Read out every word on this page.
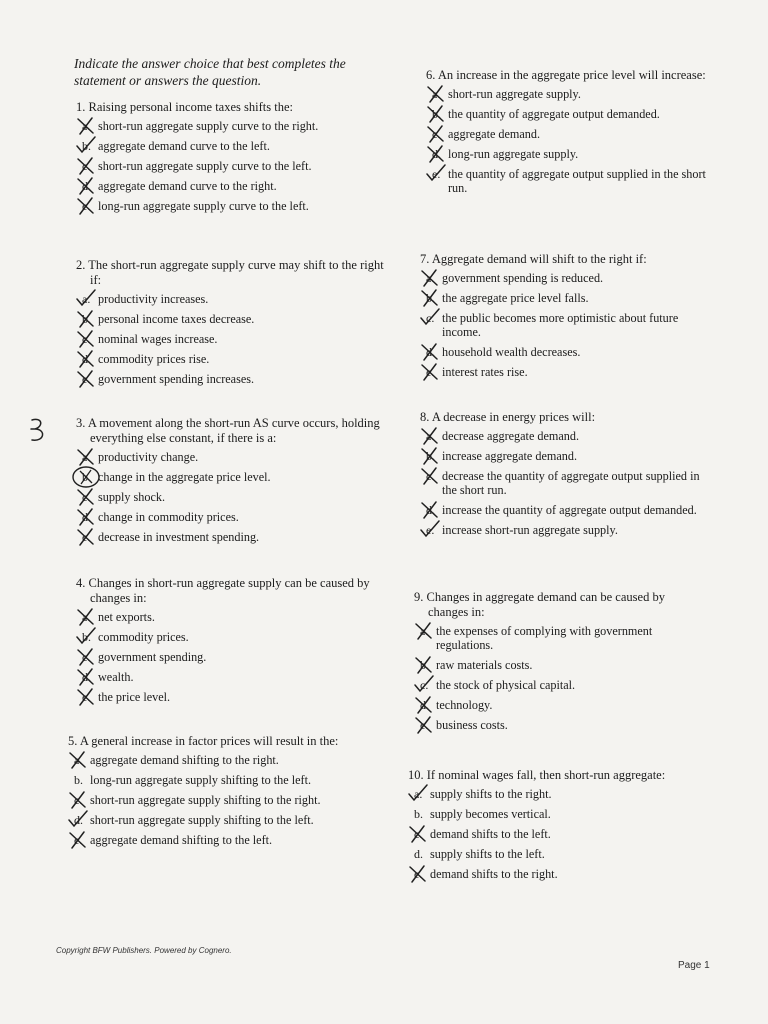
Indicate the answer choice that best completes the statement or answers the question.
1. Raising personal income taxes shifts the:
a. short-run aggregate supply curve to the right.
b. aggregate demand curve to the left.
c. short-run aggregate supply curve to the left.
d. aggregate demand curve to the right.
e. long-run aggregate supply curve to the left.
2. The short-run aggregate supply curve may shift to the right if:
a. productivity increases.
b. personal income taxes decrease.
c. nominal wages increase.
d. commodity prices rise.
e. government spending increases.
3. A movement along the short-run AS curve occurs, holding everything else constant, if there is a:
a. productivity change.
b. change in the aggregate price level.
c. supply shock.
d. change in commodity prices.
e. decrease in investment spending.
4. Changes in short-run aggregate supply can be caused by changes in:
a. net exports.
b. commodity prices.
c. government spending.
d. wealth.
e. the price level.
5. A general increase in factor prices will result in the:
a. aggregate demand shifting to the right.
b. long-run aggregate supply shifting to the left.
c. short-run aggregate supply shifting to the right.
d. short-run aggregate supply shifting to the left.
e. aggregate demand shifting to the left.
6. An increase in the aggregate price level will increase:
a. short-run aggregate supply.
b. the quantity of aggregate output demanded.
c. aggregate demand.
d. long-run aggregate supply.
e. the quantity of aggregate output supplied in the short run.
7. Aggregate demand will shift to the right if:
a. government spending is reduced.
b. the aggregate price level falls.
c. the public becomes more optimistic about future income.
d. household wealth decreases.
e. interest rates rise.
8. A decrease in energy prices will:
a. decrease aggregate demand.
b. increase aggregate demand.
c. decrease the quantity of aggregate output supplied in the short run.
d. increase the quantity of aggregate output demanded.
e. increase short-run aggregate supply.
9. Changes in aggregate demand can be caused by changes in:
a. the expenses of complying with government regulations.
b. raw materials costs.
c. the stock of physical capital.
d. technology.
e. business costs.
10. If nominal wages fall, then short-run aggregate:
a. supply shifts to the right.
b. supply becomes vertical.
c. demand shifts to the left.
d. supply shifts to the left.
e. demand shifts to the right.
Copyright BFW Publishers. Powered by Cognero.
Page 1
